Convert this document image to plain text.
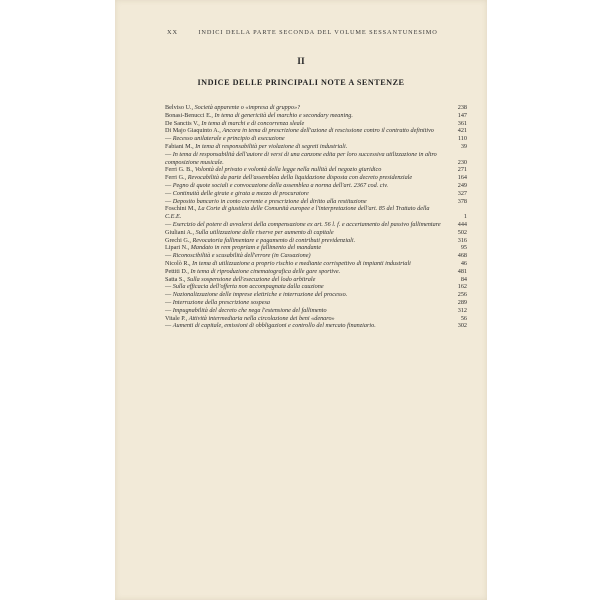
XX	INDICI DELLA PARTE SECONDA DEL VOLUME SESSANTUNESIMO
II
INDICE DELLE PRINCIPALI NOTE A SENTENZE
Belviso U., Società apparente o «impresa di gruppo»?	238
Bonasi-Benucci E., In tema di genericità del marchio e secondary meaning.	147
De Sanctis V., In tema di marchi e di concorrenza sleale	361
Di Majo Giaquinto A., Ancora in tema di prescrizione dell'azione di rescissione contro il contratto definitivo	421
— Recesso unilaterale e principio di esecuzione	110
Fabiani M., In tema di responsabilità per violazione di segreti industriali.	39
— In tema di responsabilità dell'autore di versi di una canzone edita per loro successiva utilizzazione in altro composizione musicale.	230
Ferri G. B., Volontà del privato e volontà della legge nella nullità del negozio giuridico	271
Ferri G., Revocabilità da parte dell'assemblea della liquidazione disposta con decreto presidenziale	164
— Pegno di quote sociali e convocazione della assemblea a norma dell'art. 2367 cod. civ.	249
— Continuità delle girate e girata a mezzo di procuratore	327
— Deposito bancario in conto corrente e prescrizione del diritto alla restituzione	378
Foschini M., La Corte di giustizia delle Comunità europee e l'interpretazione dell'art. 85 del Trattato della C.E.E.	1
— Esercizio del potere di avvalersi della compensazione ex art. 56 l. f. e accertamento del passivo fallimentare	444
Giuliani A., Sulla utilizzazione delle riserve per aumento di capitale	502
Grechi G., Revocatoria fallimentare e pagamento di contributi previdenziali.	316
Lipari N., Mandato in rem propriam e fallimento del mandante	95
— Riconoscibilità e scusabilità dell'errore (in Cassazione)	468
Nicolò R., In tema di utilizzazione a proprio rischio e mediante corrispettivo di impianti industriali	46
Pettiti D., In tema di riproduzione cinematografica delle gare sportive.	481
Satta S., Sulla sospensione dell'esecuzione del lodo arbitrale	84
— Sulla efficacia dell'offerta non accompagnata dalla cauzione	162
— Nazionalizzazione delle imprese elettriche e interruzione del processo.	256
— Interruzione della prescrizione sospesa	289
— Impugnabilità del decreto che nega l'estensione del fallimento	312
Vitale P., Attività intermediaria nella circolazione dei beni «denaro»	56
— Aumenti di capitale, emissioni di obbligazioni e controllo del mercato finanziario.	302
